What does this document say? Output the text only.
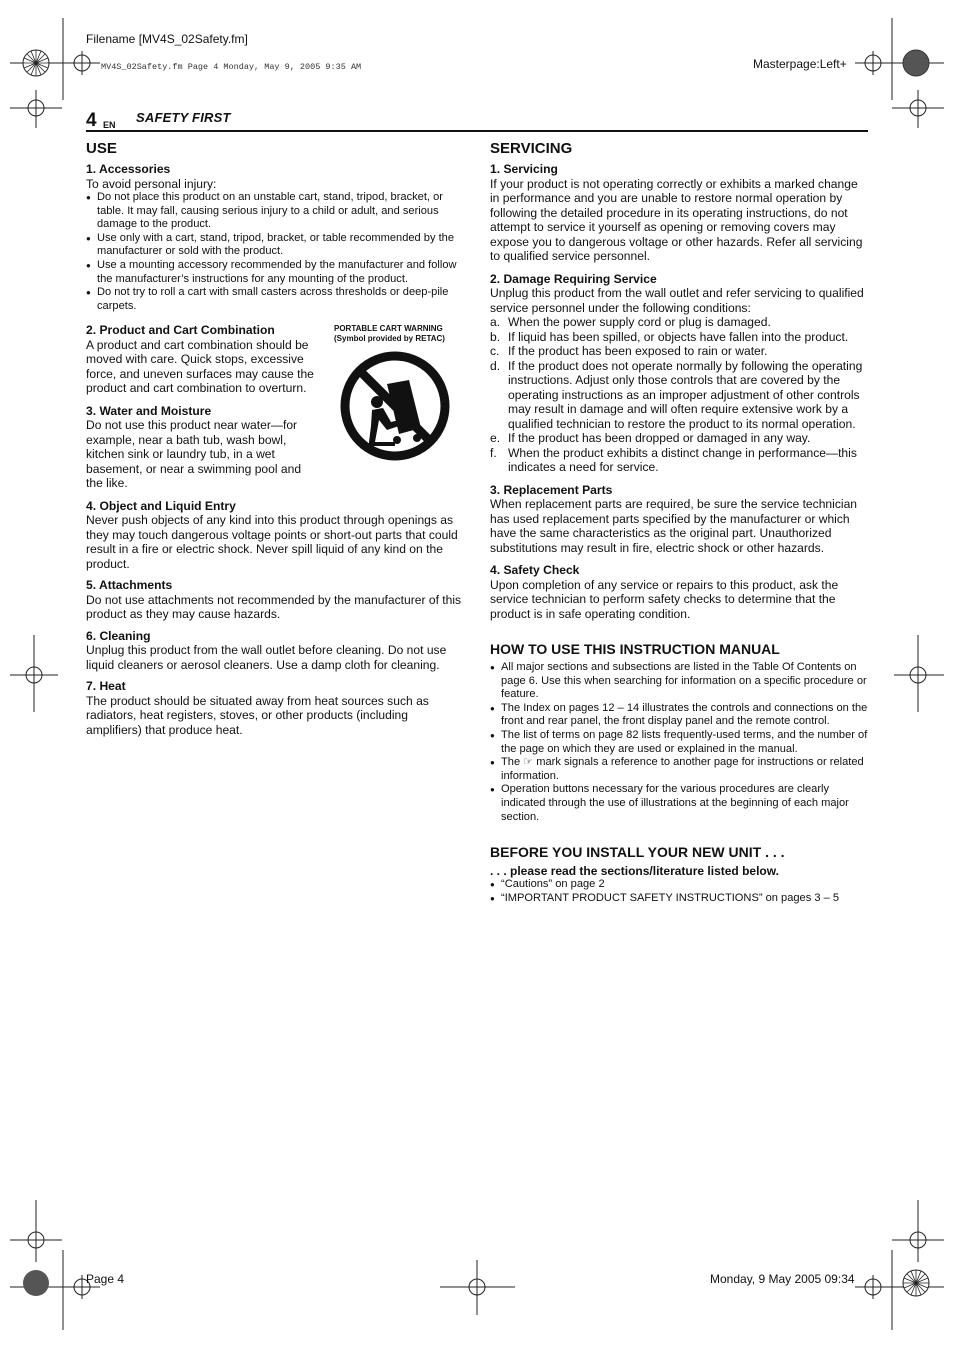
Filename [MV4S_02Safety.fm]
MV4S_02Safety.fm Page 4 Monday, May 9, 2005 9:35 AM	Masterpage:Left+
4 EN SAFETY FIRST
USE
1. Accessories

To avoid personal injury:

● Do not place this product on an unstable cart, stand, tripod, bracket, or table. It may fall, causing serious injury to a child or adult, and serious damage to the product.
● Use only with a cart, stand, tripod, bracket, or table recommended by the manufacturer or sold with the product.
● Use a mounting accessory recommended by the manufacturer and follow the manufacturer’s instructions for any mounting of the product.
● Do not try to roll a cart with small casters across thresholds or deep-pile carpets.
PORTABLE CART WARNING
(Symbol provided by RETAC)
2. Product and Cart Combination

A product and cart combination should be moved with care. Quick stops, excessive force, and uneven surfaces may cause the product and cart combination to overturn.

3. Water and Moisture

Do not use this product near water—for example, near a bath tub, wash bowl, kitchen sink or laundry tub, in a wet basement, or near a swimming pool and the like.

4. Object and Liquid Entry

Never push objects of any kind into this product through openings as they may touch dangerous voltage points or short-out parts that could result in a fire or electric shock. Never spill liquid of any kind on the product.

5. Attachments

Do not use attachments not recommended by the manufacturer of this product as they may cause hazards.

6. Cleaning

Unplug this product from the wall outlet before cleaning. Do not use liquid cleaners or aerosol cleaners. Use a damp cloth for cleaning.

7. Heat

The product should be situated away from heat sources such as radiators, heat registers, stoves, or other products (including amplifiers) that produce heat.

SERVICING
1. Servicing

If your product is not operating correctly or exhibits a marked change in performance and you are unable to restore normal operation by following the detailed procedure in its operating instructions, do not attempt to service it yourself as opening or removing covers may expose you to dangerous voltage or other hazards. Refer all servicing to qualified service personnel.

2. Damage Requiring Service

Unplug this product from the wall outlet and refer servicing to qualified service personnel under the following conditions:

a. When the power supply cord or plug is damaged.
b. If liquid has been spilled, or objects have fallen into the product.
c. If the product has been exposed to rain or water.
d. If the product does not operate normally by following the operating instructions. Adjust only those controls that are covered by the operating instructions as an improper adjustment of other controls may result in damage and will often require extensive work by a qualified technician to restore the product to its normal operation.
e. If the product has been dropped or damaged in any way.
f. When the product exhibits a distinct change in performance—this indicates a need for service.
3. Replacement Parts

When replacement parts are required, be sure the service technician has used replacement parts specified by the manufacturer or which have the same characteristics as the original part. Unauthorized substitutions may result in fire, electric shock or other hazards.

4. Safety Check

Upon completion of any service or repairs to this product, ask the service technician to perform safety checks to determine that the product is in safe operating condition.

HOW TO USE THIS INSTRUCTION MANUAL
● All major sections and subsections are listed in the Table Of Contents on page 6. Use this when searching for information on a specific procedure or feature.
● The Index on pages 12 – 14 illustrates the controls and connections on the front and rear panel, the front display panel and the remote control.
● The list of terms on page 82 lists frequently-used terms, and the number of the page on which they are used or explained in the manual.
● The ☞ mark signals a reference to another page for instructions or related information.
● Operation buttons necessary for the various procedures are clearly indicated through the use of illustrations at the beginning of each major section.
BEFORE YOU INSTALL YOUR NEW UNIT . . .
. . . please read the sections/literature listed below.
● “Cautions” on page 2
● “IMPORTANT PRODUCT SAFETY INSTRUCTIONS” on pages 3 – 5
Page 4	Monday, 9 May 2005 09:34
